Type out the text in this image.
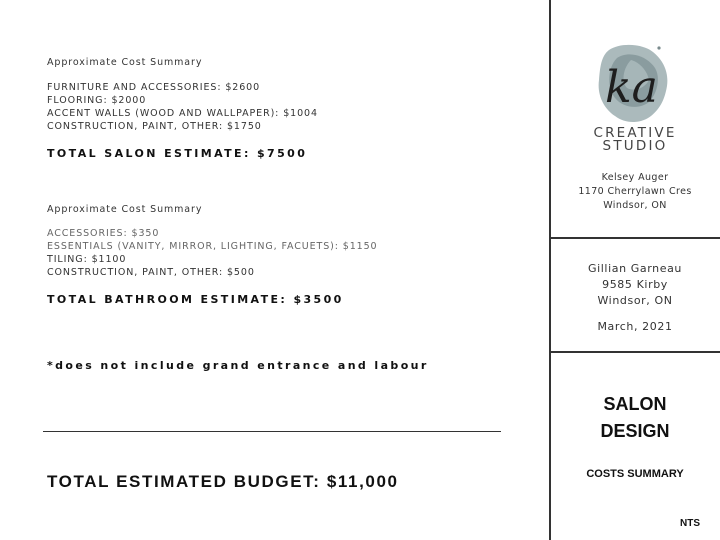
Approximate Cost Summary
FURNITURE AND ACCESSORIES: $2600
FLOORING: $2000
ACCENT WALLS (WOOD AND WALLPAPER): $1004
CONSTRUCTION, PAINT, OTHER: $1750
TOTAL SALON ESTIMATE: $7500
Approximate Cost Summary
ACCESSORIES: $350
ESSENTIALS (VANITY, MIRROR, LIGHTING, FACUETS): $1150
TILING: $1100
CONSTRUCTION, PAINT, OTHER: $500
TOTAL BATHROOM ESTIMATE: $3500
*does not include grand entrance and labour
TOTAL ESTIMATED BUDGET: $11,000
ka
CREATIVE
STUDIO
Kelsey Auger
1170 Cherrylawn Cres
Windsor, ON
Gillian Garneau
9585 Kirby
Windsor, ON
March, 2021
SALON
DESIGN
COSTS SUMMARY
NTS
